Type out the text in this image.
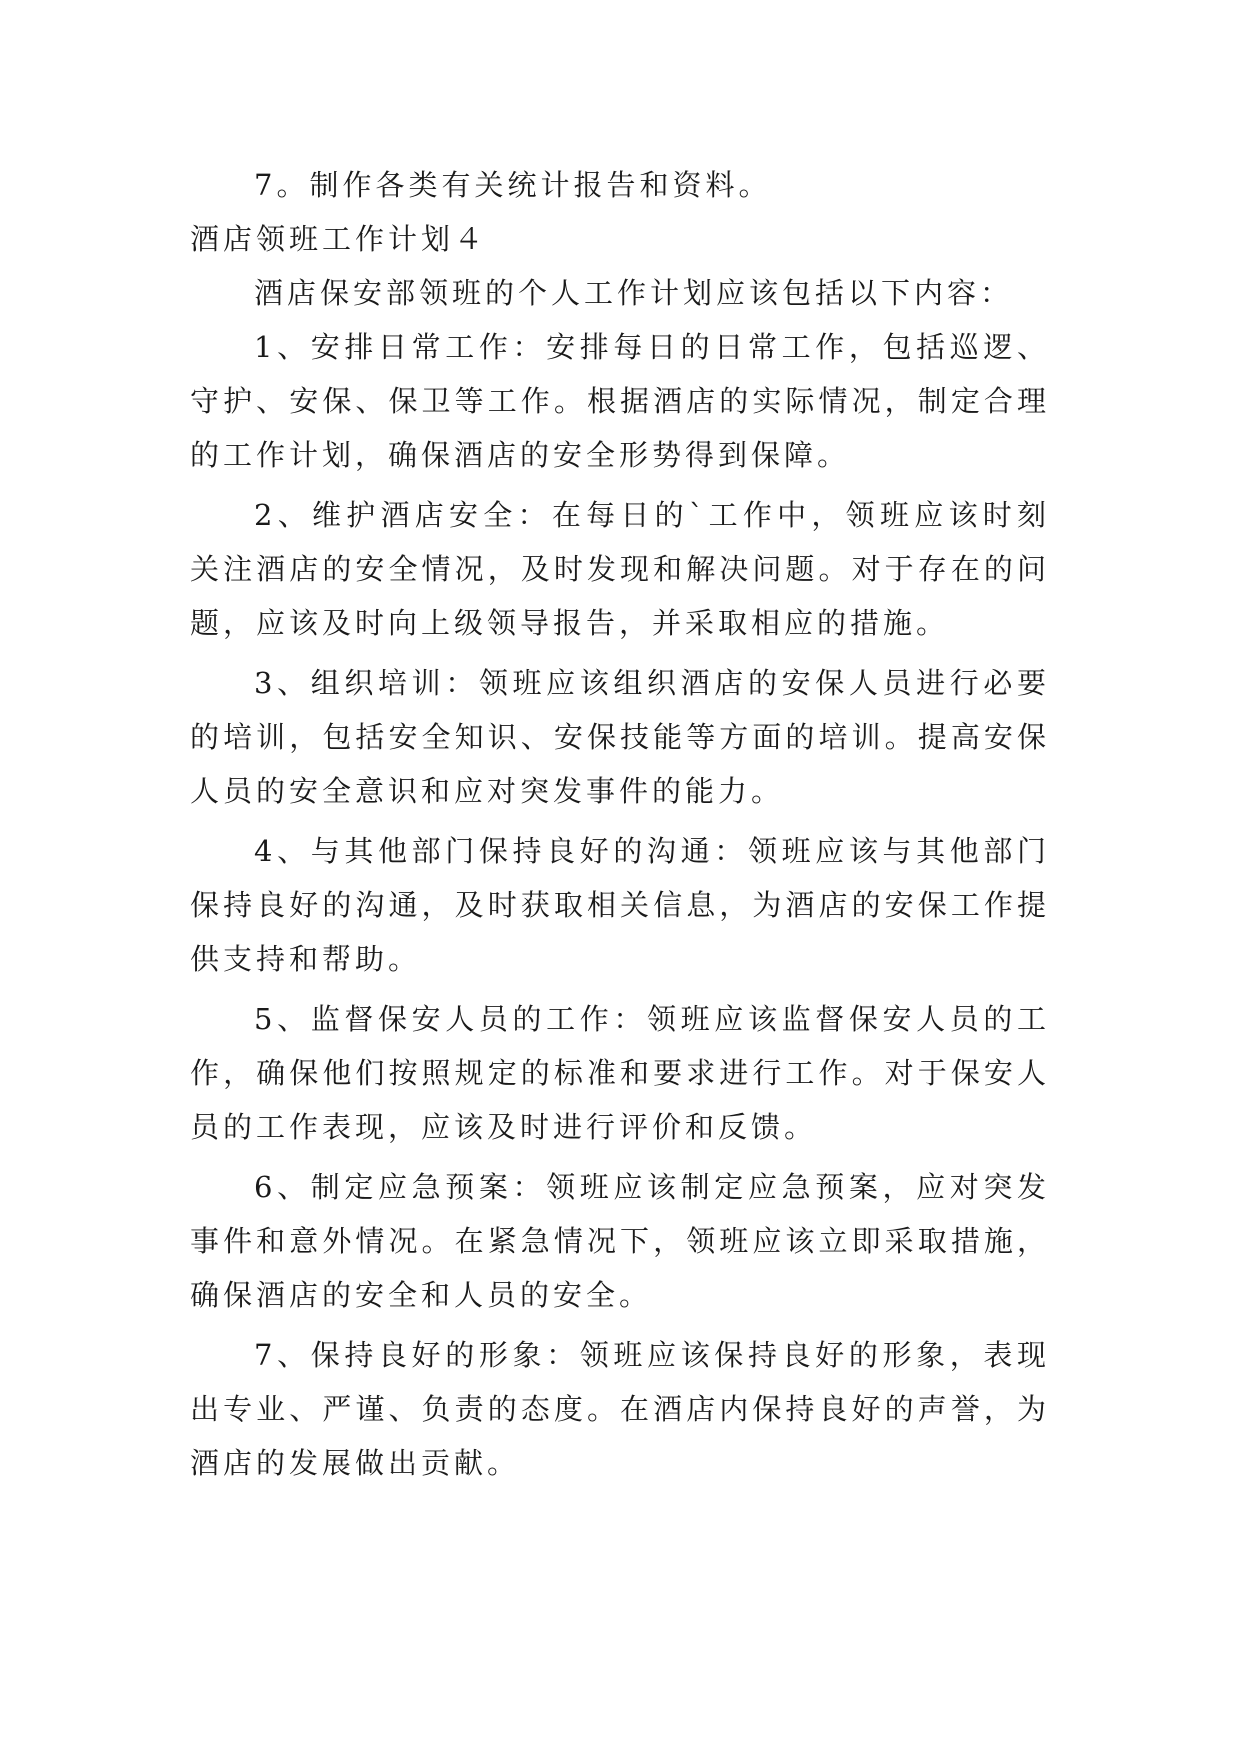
7。制作各类有关统计报告和资料。

酒店领班工作计划４

酒店保安部领班的个人工作计划应该包括以下内容：

1、安排日常工作：安排每日的日常工作，包括巡逻、守护、安保、保卫等工作。根据酒店的实际情况，制定合理的工作计划，确保酒店的安全形势得到保障。

2、维护酒店安全：在每日的`工作中，领班应该时刻关注酒店的安全情况，及时发现和解决问题。对于存在的问题，应该及时向上级领导报告，并采取相应的措施。

3、组织培训：领班应该组织酒店的安保人员进行必要的培训，包括安全知识、安保技能等方面的培训。提高安保人员的安全意识和应对突发事件的能力。

4、与其他部门保持良好的沟通：领班应该与其他部门保持良好的沟通，及时获取相关信息，为酒店的安保工作提供支持和帮助。

5、监督保安人员的工作：领班应该监督保安人员的工作，确保他们按照规定的标准和要求进行工作。对于保安人员的工作表现，应该及时进行评价和反馈。

6、制定应急预案：领班应该制定应急预案，应对突发事件和意外情况。在紧急情况下，领班应该立即采取措施，确保酒店的安全和人员的安全。

7、保持良好的形象：领班应该保持良好的形象，表现出专业、严谨、负责的态度。在酒店内保持良好的声誉，为酒店的发展做出贡献。
